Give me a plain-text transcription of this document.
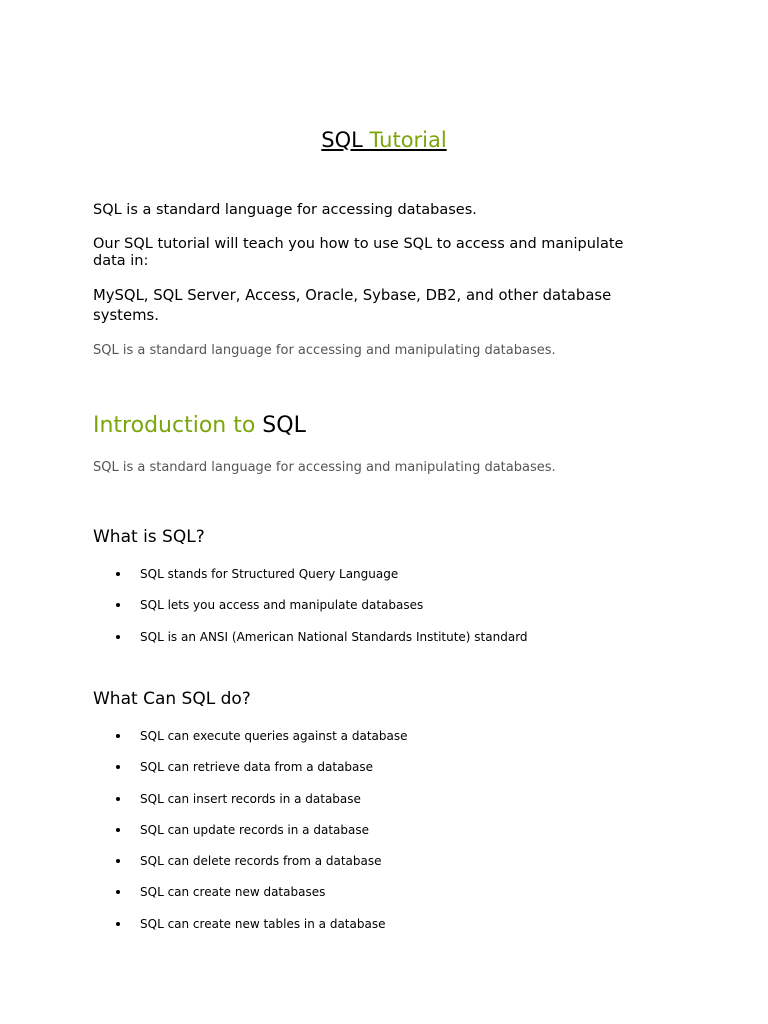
SQL Tutorial

SQL is a standard language for accessing databases.

Our SQL tutorial will teach you how to use SQL to access and manipulate data in:

MySQL, SQL Server, Access, Oracle, Sybase, DB2, and other database systems.

SQL is a standard language for accessing and manipulating databases.

Introduction to SQL

SQL is a standard language for accessing and manipulating databases.

What is SQL?
SQL stands for Structured Query Language
SQL lets you access and manipulate databases
SQL is an ANSI (American National Standards Institute) standard
What Can SQL do?
SQL can execute queries against a database
SQL can retrieve data from a database
SQL can insert records in a database
SQL can update records in a database
SQL can delete records from a database
SQL can create new databases
SQL can create new tables in a database
